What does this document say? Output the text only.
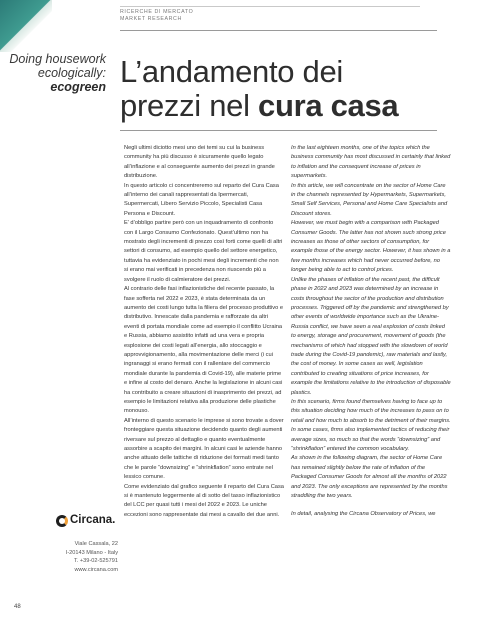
RICERCHE DI MERCATO
MARKET RESEARCH
Doing housework
ecologically:
ecogreen L’andamento dei
prezzi nel cura casa

Negli ultimi diciotto mesi uno dei temi su cui la business community ha più discusso è sicuramente quello legato all’inflazione e al conseguente aumento dei prezzi in grande distribuzione.

In questo articolo ci concentreremo sul reparto del Cura Casa all’interno dei canali rappresentati da Ipermercati, Supermercati, Libero Servizio Piccolo, Specialisti Casa Persona e Discount.

E’ d’obbligo partire però con un inquadramento di confronto con il Largo Consumo Confezionato. Quest’ultimo non ha mostrato degli incrementi di prezzo così forti come quelli di altri settori di consumo, ad esempio quello del settore energetico, tuttavia ha evidenziato in pochi mesi degli incrementi che non si erano mai verificati in precedenza non riuscendo più a svolgere il ruolo di calmieratore dei prezzi.

Al contrario delle fasi inflazionistiche del recente passato, la fase sofferta nel 2022 e 2023, è stata determinata da un aumento dei costi lungo tutta la filiera del processo produttivo e distributivo. Innescate dalla pandemia e rafforzate da altri eventi di portata mondiale come ad esempio il conflitto Ucraina e Russia, abbiamo assistito infatti ad una vera e propria esplosione dei costi legati all’energia, allo stoccaggio e approvvigionamento, alla movimentazione delle merci (i cui ingranaggi si erano fermati con il rallentare del commercio mondiale durante la pandemia di Covid-19), alle materie prime e infine al costo del denaro. Anche la legislazione in alcuni casi ha contribuito a creare situazioni di inasprimento dei prezzi, ad esempio le limitazioni relativa alla produzione delle plastiche monouso.

All’interno di questo scenario le imprese si sono trovate a dover fronteggiare questa situazione decidendo quanto degli aumenti riversare sul prezzo al dettaglio e quanto eventualmente assorbire a scapito dei margini. In alcuni casi le aziende hanno anche attuato delle tattiche di riduzione dei formati medi tanto che le parole “downsizing” e “shrinkflation” sono entrate nel lessico comune.

Come evidenziato dal grafico seguente il reparto del Cura Casa si è mantenuto leggermente al di sotto del tasso inflazionistico del LCC per quasi tutti i mesi del 2022 e 2023. Le uniche eccezioni sono rappresentate dai mesi a cavallo dei due anni.

In the last eighteen months, one of the topics which the business community has most discussed in certainly that linked to inflation and the consequent increase of prices in supermarkets.

In this article, we will concentrate on the sector of Home Care in the channels represented by Hypermarkets, Supermarkets, Small Self Services, Personal and Home Care Specialists and Discount stores.

However, we must begin with a comparison with Packaged Consumer Goods. The latter has not shown such strong price increases as those of other sectors of consumption, for example those of the energy sector. However, it has shown in a few months increases which had never occurred before, no longer being able to act to control prices.

Unlike the phases of inflation of the recent past, the difficult phase in 2022 and 2023 was determined by an increase in costs throughout the sector of the production and distribution processes. Triggered off by the pandemic and strengthened by other events of worldwide importance such as the Ukraine-Russia conflict, we have seen a real explosion of costs linked to energy, storage and procurement, movement of goods (the mechanisms of which had stopped with the slowdown of world trade during the Covid-19 pandemic), raw materials and lastly, the cost of money. In some cases as well, legislation contributed to creating situations of price increases, for example the limitations relative to the introduction of disposable plastics.

In this scenario, firms found themselves having to face up to this situation deciding how much of the increases to pass on to retail and how much to absorb to the detriment of their margins. In some cases, firms also implemented tactics of reducing their average sizes, so much so that the words “downsizing” and “shrinkflation” entered the common vocabulary.

As shown in the following diagram, the sector of Home Care has remained slightly below the rate of inflation of the Packaged Consumer Goods for almost all the months of 2022 and 2023. The only exceptions are represented by the months straddling the two years.

In detail, analysing the Circana Observatory of Prices, we

Circana.
Viale Cassala, 22
I-20143 Milano - Italy
T. +39-02-525791
www.circana.com
48
